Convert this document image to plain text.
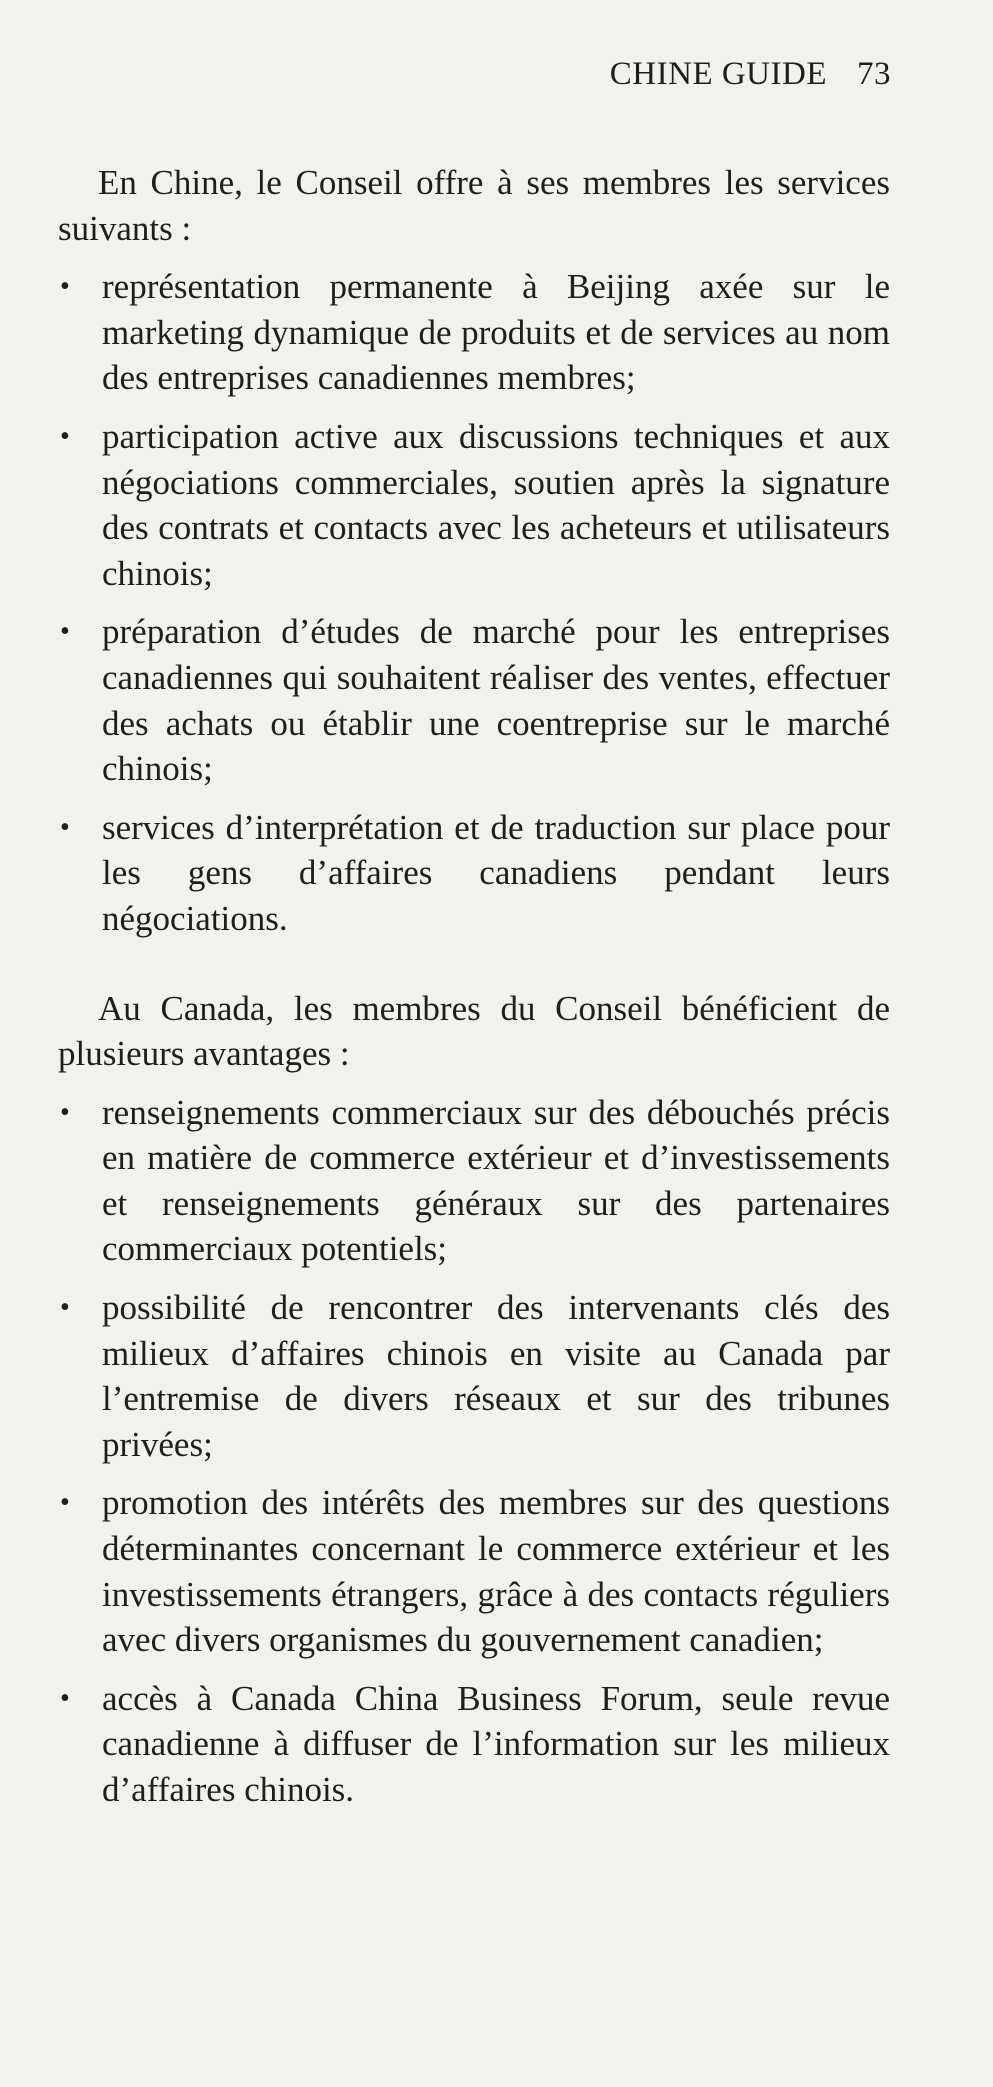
CHINE GUIDE 73

En Chine, le Conseil offre à ses membres les services suivants :

• représentation permanente à Beijing axée sur le marketing dynamique de produits et de services au nom des entreprises canadiennes membres;
• participation active aux discussions techniques et aux négociations commerciales, soutien après la signature des contrats et contacts avec les acheteurs et utilisateurs chinois;
• préparation d’études de marché pour les entreprises canadiennes qui souhaitent réaliser des ventes, effectuer des achats ou établir une coentreprise sur le marché chinois;
• services d’interprétation et de traduction sur place pour les gens d’affaires canadiens pendant leurs négociations.

Au Canada, les membres du Conseil bénéficient de plusieurs avantages :

• renseignements commerciaux sur des débouchés précis en matière de commerce extérieur et d’investissements et renseignements généraux sur des partenaires commerciaux potentiels;
• possibilité de rencontrer des intervenants clés des milieux d’affaires chinois en visite au Canada par l’entremise de divers réseaux et sur des tribunes privées;
• promotion des intérêts des membres sur des questions déterminantes concernant le commerce extérieur et les investissements étrangers, grâce à des contacts réguliers avec divers organismes du gouvernement canadien;
• accès à Canada China Business Forum, seule revue canadienne à diffuser de l’information sur les milieux d’affaires chinois.
